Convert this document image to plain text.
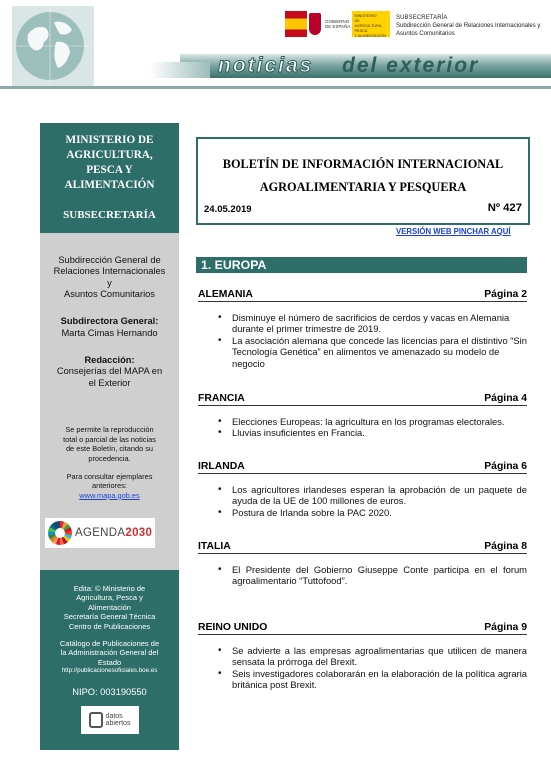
GOBIERNO
DE ESPAÑA
MINISTERIO
DE AGRICULTURA, PESCA
Y ALIMENTACIÓN
SUBSECRETARÍA
Subdirección General de Relaciones Internacionales y
Asuntos Comunitarios
noticias del exterior
MINISTERIO DE
AGRICULTURA,
PESCA Y
ALIMENTACIÓN
SUBSECRETARÍA
Subdirección General de
Relaciones Internacionales
y
Asuntos Comunitarios
Subdirectora General:
Marta Cimas Hernando
Redacción:
Consejerías del MAPA en
el Exterior
Se permite la reproducción
total o parcial de las noticias
de este Boletín, citando su
procedencia.
Para consultar ejemplares
anteriores:
www.mapa.gob.es
AGENDA2030
Edita: © Ministerio de
Agricultura, Pesca y
Alimentación
Secretaría General Técnica
Centro de Publicaciones
Catálogo de Publicaciones de
la Administración General del
Estado
http://publicacionesoficiales.boe.es
NIPO: 003190550
datos
abiertos
BOLETÍN DE INFORMACIÓN INTERNACIONAL
AGROALIMENTARIA Y PESQUERA
24.05.2019	Nº 427
VERSIÓN WEB PINCHAR AQUÍ
1. EUROPA
ALEMANIA	Página 2
• Disminuye el número de sacrificios de cerdos y vacas en Alemania durante el primer trimestre de 2019.
• La asociación alemana que concede las licencias para el distintivo “Sin Tecnología Genética” en alimentos ve amenazado su modelo de negocio
FRANCIA	Página 4
• Elecciones Europeas: la agricultura en los programas electorales.
• Lluvias insuficientes en Francia.
IRLANDA	Página 6
• Los agricultores irlandeses esperan la aprobación de un paquete de ayuda de la UE de 100 millones de euros.
• Postura de Irlanda sobre la PAC 2020.
ITALIA	Página 8
• El Presidente del Gobierno Giuseppe Conte participa en el forum agroalimentario “Tuttofood”.
REINO UNIDO	Página 9
• Se advierte a las empresas agroalimentarias que utilicen de manera sensata la prórroga del Brexit.
• Seis investigadores colaborarán en la elaboración de la política agraria británica post Brexit.
